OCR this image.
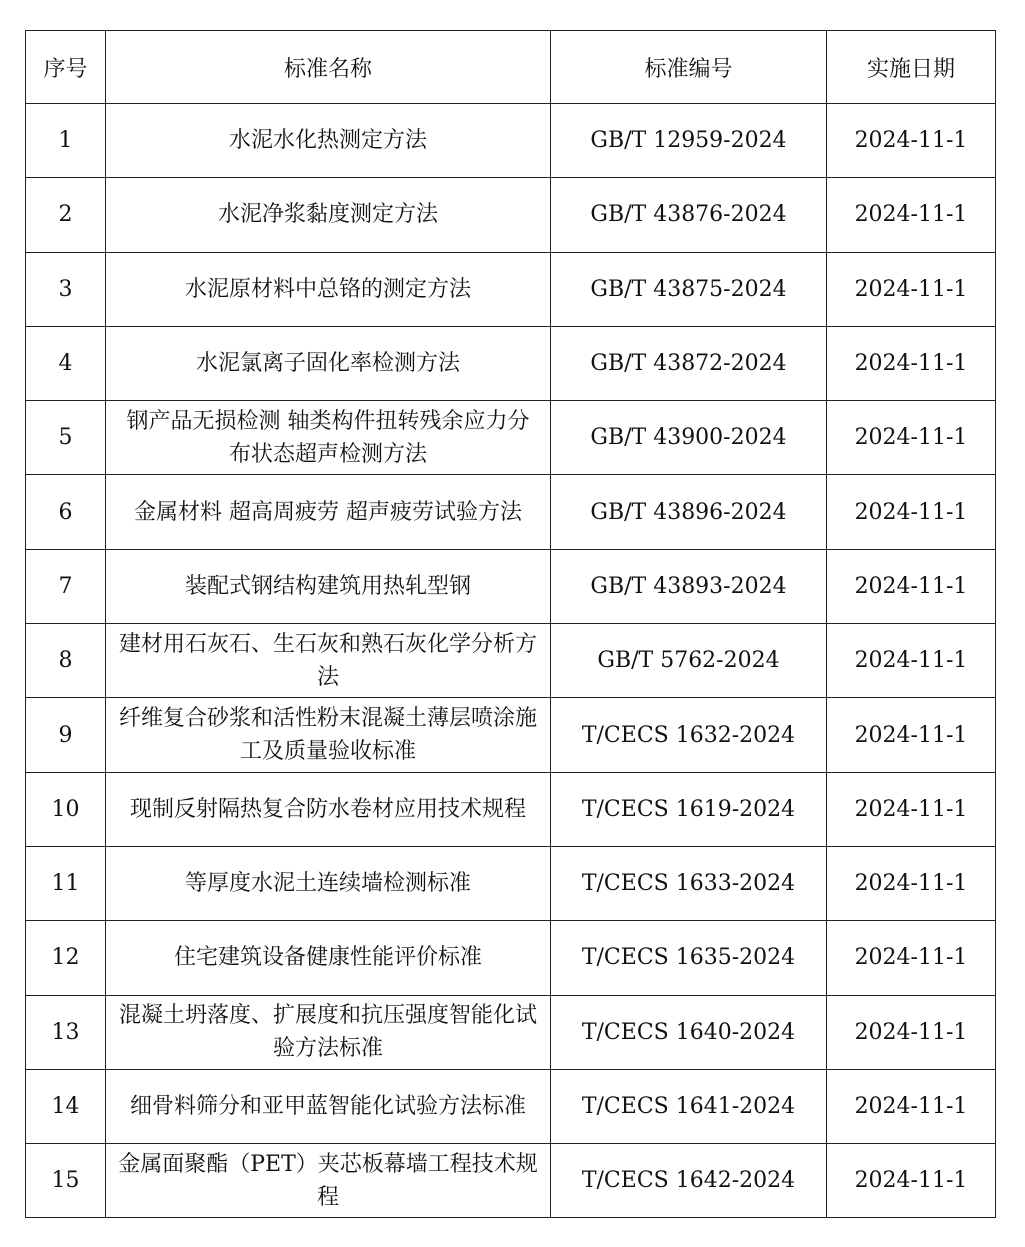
序号	标准名称	标准编号	实施日期
1	水泥水化热测定方法	GB/T 12959-2024	2024-11-1
2	水泥净浆黏度测定方法	GB/T 43876-2024	2024-11-1
3	水泥原材料中总铬的测定方法	GB/T 43875-2024	2024-11-1
4	水泥氯离子固化率检测方法	GB/T 43872-2024	2024-11-1
5	钢产品无损检测 轴类构件扭转残余应力分布状态超声检测方法	GB/T 43900-2024	2024-11-1
6	金属材料 超高周疲劳 超声疲劳试验方法	GB/T 43896-2024	2024-11-1
7	装配式钢结构建筑用热轧型钢	GB/T 43893-2024	2024-11-1
8	建材用石灰石、生石灰和熟石灰化学分析方法	GB/T 5762-2024	2024-11-1
9	纤维复合砂浆和活性粉末混凝土薄层喷涂施工及质量验收标准	T/CECS 1632-2024	2024-11-1
10	现制反射隔热复合防水卷材应用技术规程	T/CECS 1619-2024	2024-11-1
11	等厚度水泥土连续墙检测标准	T/CECS 1633-2024	2024-11-1
12	住宅建筑设备健康性能评价标准	T/CECS 1635-2024	2024-11-1
13	混凝土坍落度、扩展度和抗压强度智能化试验方法标准	T/CECS 1640-2024	2024-11-1
14	细骨料筛分和亚甲蓝智能化试验方法标准	T/CECS 1641-2024	2024-11-1
15	金属面聚酯（PET）夹芯板幕墙工程技术规程	T/CECS 1642-2024	2024-11-1
